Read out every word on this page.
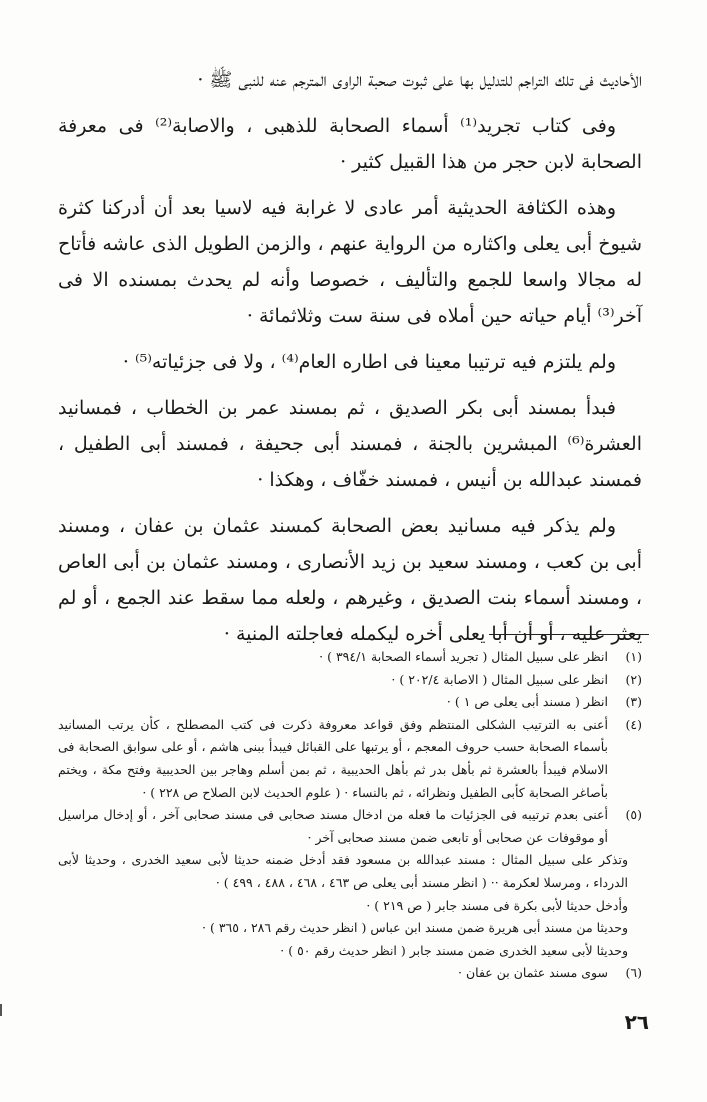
الأحاديث فى تلك التراجم للتدليل بها على ثبوت صحبة الراوى المترجم عنه للنبى ﷺ ·

وفى كتاب تجريد⁽¹⁾ أسماء الصحابة للذهبى ، والاصابة⁽²⁾ فى معرفة الصحابة لابن حجر من هذا القبيل كثير ·

وهذه الكثافة الحديثية أمر عادى لا غرابة فيه لاسيا بعد أن أدركنا كثرة شيوخ أبى يعلى واكثاره من الرواية عنهم ، والزمن الطويل الذى عاشه فأتاح له مجالا واسعا للجمع والتأليف ، خصوصا وأنه لم يحدث بمسنده الا فى آخر⁽³⁾ أيام حياته حين أملاه فى سنة ست وثلاثمائة ·

ولم يلتزم فيه ترتيبا معينا فى اطاره العام⁽⁴⁾ ، ولا فى جزئياته⁽⁵⁾ ·

فبدأ بمسند أبى بكر الصديق ، ثم بمسند عمر بن الخطاب ، فمسانيد العشرة⁽⁶⁾ المبشرين بالجنة ، فمسند أبى جحيفة ، فمسند أبى الطفيل ، فمسند عبدالله بن أنيس ، فمسند خفّاف ، وهكذا ·

ولم يذكر فيه مسانيد بعض الصحابة كمسند عثمان بن عفان ، ومسند أبى بن كعب ، ومسند سعيد بن زيد الأنصارى ، ومسند عثمان بن أبى العاص ، ومسند أسماء بنت الصديق ، وغيرهم ، ولعله مما سقط عند الجمع ، أو لم يعثر عليه ، أو أن أبا يعلى أخره ليكمله فعاجلته المنية ·

(١)
انظر على سبيل المثال ( تجريد أسماء الصحابة ٣٩٤/١ ) ·

(٢)
انظر على سبيل المثال ( الاصابة ٢٠٢/٤ ) ·

(٣)
انظر ( مسند أبى يعلى ص ١ ) ·

(٤)
أعنى به الترتيب الشكلى المنتظم وفق قواعد معروفة ذكرت فى كتب المصطلح ، كأن يرتب المسانيد بأسماء الصحابة حسب حروف المعجم ، أو يرتبها على القبائل فيبدأ ببنى هاشم ، أو على سوابق الصحابة فى الاسلام فيبدأ بالعشرة ثم بأهل بدر ثم بأهل الحديبية ، ثم بمن أسلم وهاجر بين الحديبية وفتح مكة ، ويختم بأصاغر الصحابة كأبى الطفيل ونظرائه ، ثم بالنساء · ( علوم الحديث لابن الصلاح ص ٢٢٨ ) ·

(٥)
أعنى بعدم ترتيبه فى الجزئيات ما فعله من ادخال مسند صحابى فى مسند صحابى آخر ، أو إدخال مراسيل أو موقوفات عن صحابى أو تابعى ضمن مسند صحابى آخر ·

وتذكر على سبيل المثال : مسند عبدالله بن مسعود فقد أدخل ضمنه حديثا لأبى سعيد الخدرى ، وحديثا لأبى الدرداء ، ومرسلا لعكرمة ·· ( انظر مسند أبى يعلى ص ٤٦٣ ، ٤٦٨ ، ٤٨٨ ، ٤٩٩ ) ·

وأدخل حديثا لأبى بكرة فى مسند جابر ( ص ٢١٩ ) ·

وحديثا من مسند أبى هريرة ضمن مسند ابن عباس ( انظر حديث رقم ٢٨٦ ، ٣٦٥ ) ·

وحديثا لأبى سعيد الخدرى ضمن مسند جابر ( انظر حديث رقم ٥٠ ) ·

(٦)
سوى مسند عثمان بن عفان ·

٢٦
